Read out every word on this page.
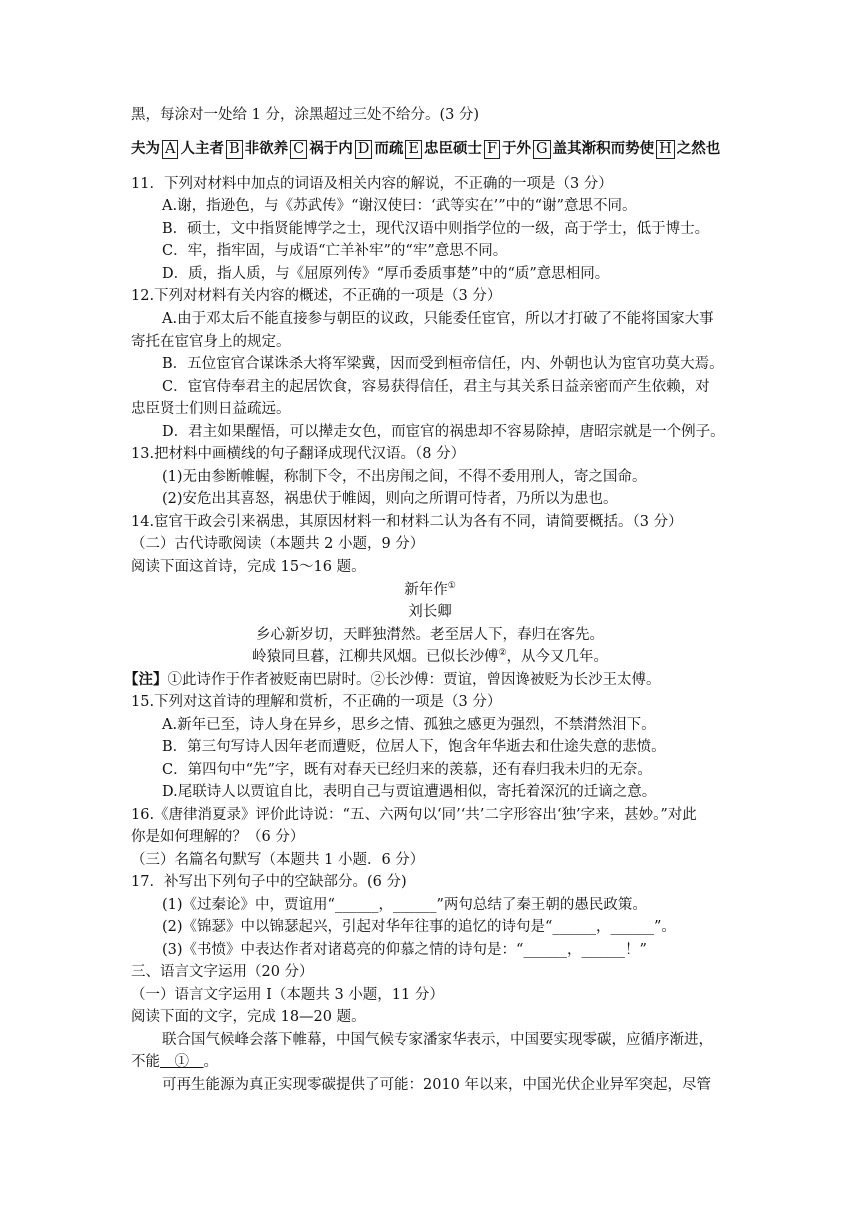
黑，每涂对一处给 1 分，涂黑超过三处不给分。(3 分)
夫为 A 人主者 B 非欲养 C 祸于内 D 而疏 E 忠臣硕士 F 于外 G 盖其渐积而势使 H 之然也
11．下列对材料中加点的词语及相关内容的解说，不正确的一项是（3 分）
A.谢，指逊色，与《苏武传》“谢汉使曰：‘武等实在’”中的“谢”意思不同。
B．硕士，文中指贤能博学之士，现代汉语中则指学位的一级，高于学士，低于博士。
C．牢，指牢固，与成语“亡羊补牢”的“牢”意思不同。
D．质，指人质，与《屈原列传》“厚币委质事楚”中的“质”意思相同。
12.下列对材料有关内容的概述，不正确的一项是（3 分）
A.由于邓太后不能直接参与朝臣的议政，只能委任宦官，所以才打破了不能将国家大事
寄托在宦官身上的规定。
B．五位宦官合谋诛杀大将军梁冀，因而受到桓帝信任，内、外朝也认为宦官功莫大焉。
C．宦官侍奉君主的起居饮食，容易获得信任，君主与其关系日益亲密而产生依赖，对
忠臣贤士们则日益疏远。
D．君主如果醒悟，可以撵走女色，而宦官的祸患却不容易除掉，唐昭宗就是一个例子。
13.把材料中画横线的句子翻译成现代汉语。（8 分）
(1)无由参断帷幄，称制下令，不出房闱之间，不得不委用刑人，寄之国命。
(2)安危出其喜怒，祸患伏于帷闼，则向之所谓可恃者，乃所以为患也。
14.宦官干政会引来祸患，其原因材料一和材料二认为各有不同，请简要概括。（3 分）
（二）古代诗歌阅读（本题共 2 小题，9 分）
阅读下面这首诗，完成 15～16 题。
新年作①
刘长卿
乡心新岁切，天畔独潸然。老至居人下，春归在客先。
岭猿同旦暮，江柳共风烟。已似长沙傅②，从今又几年。
【注】①此诗作于作者被贬南巴尉时。②长沙傅：贾谊，曾因谗被贬为长沙王太傅。
15.下列对这首诗的理解和赏析，不正确的一项是（3 分）
A.新年已至，诗人身在异乡，思乡之情、孤独之感更为强烈，不禁潸然泪下。
B．第三句写诗人因年老而遭贬，位居人下，饱含年华逝去和仕途失意的悲愤。
C．第四句中“先”字，既有对春天已经归来的羡慕，还有春归我未归的无奈。
D.尾联诗人以贾谊自比，表明自己与贾谊遭遇相似，寄托着深沉的迁谪之意。
16.《唐律消夏录》评价此诗说：“五、六两句以‘同’‘共’二字形容出‘独’字来，甚妙。”对此
你是如何理解的？（6 分）
（三）名篇名句默写（本题共 1 小题．6 分）
17．补写出下列句子中的空缺部分。(6 分)
(1)《过秦论》中，贾谊用“______，______”两句总结了秦王朝的愚民政策。
(2)《锦瑟》中以锦瑟起兴，引起对华年往事的追忆的诗句是“______，______”。
(3)《书愤》中表达作者对诸葛亮的仰慕之情的诗句是：“______，______！”
三、语言文字运用（20 分）
（一）语言文字运用 I（本题共 3 小题，11 分）
阅读下面的文字，完成 18—20 题。
联合国气候峰会落下帷幕，中国气候专家潘家华表示，中国要实现零碳，应循序渐进，
不能　①　。
可再生能源为真正实现零碳提供了可能：2010 年以来，中国光伏企业异军突起，尽管
